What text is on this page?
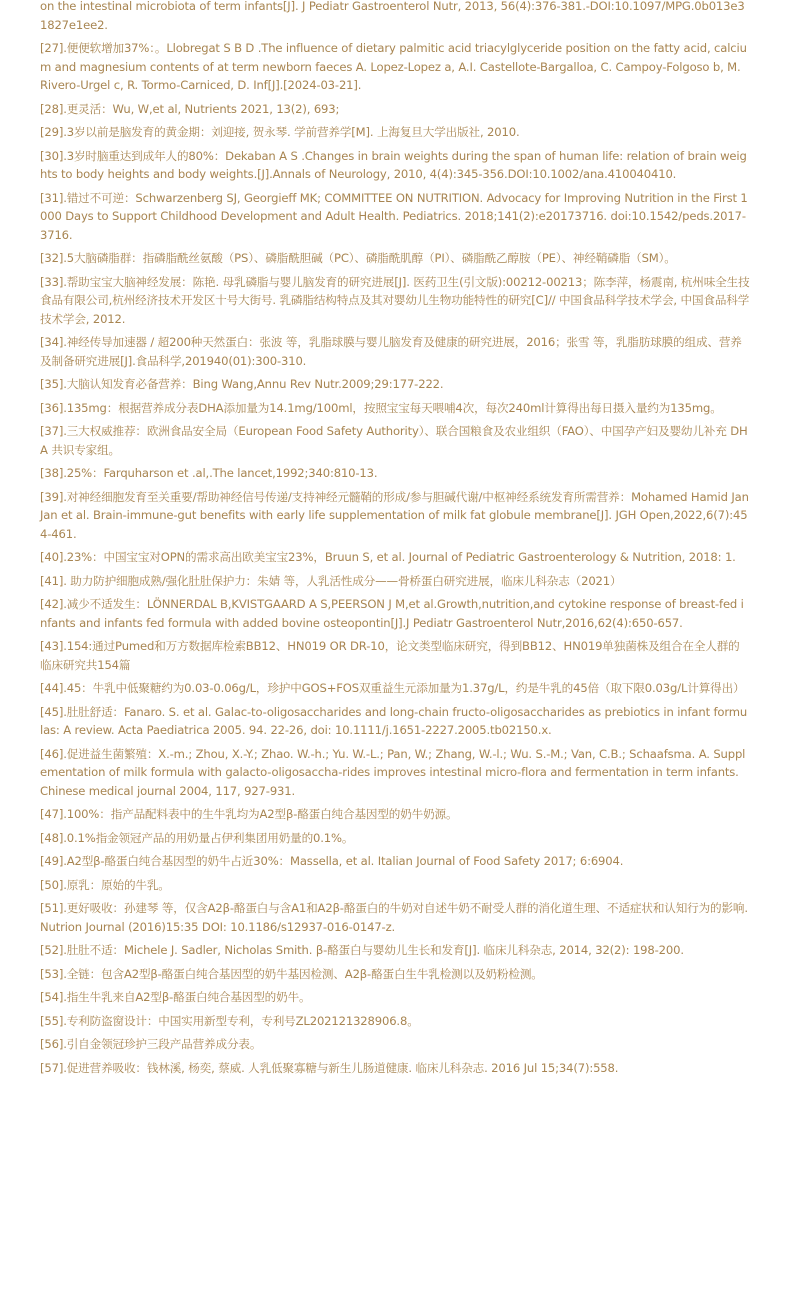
on the intestinal microbiota of term infants[J]. J Pediatr Gastroenterol Nutr, 2013, 56(4):376-381.-DOI:10.1097/MPG.0b013e31827e1ee2.

[27].便便软增加37%：。Llobregat S B D .The influence of dietary palmitic acid triacylglyceride position on the fatty acid, calcium and magnesium contents of at term newborn faeces A. Lopez-Lopez a, A.I. Castellote-Bargalloa, C. Campoy-Folgoso b, M. Rivero-Urgel c, R. Tormo-Carniced, D. Inf[J].[2024-03-21].

[28].更灵活：Wu, W,et al, Nutrients 2021, 13(2), 693;

[29].3岁以前是脑发育的黄金期：刘迎接, 贺永琴. 学前营养学[M]. 上海复旦大学出版社, 2010.

[30].3岁时脑重达到成年人的80%：Dekaban A S .Changes in brain weights during the span of human life: relation of brain weights to body heights and body weights.[J].Annals of Neurology, 2010, 4(4):345-356.DOI:10.1002/ana.410040410.

[31].错过不可逆：Schwarzenberg SJ, Georgieff MK; COMMITTEE ON NUTRITION. Advocacy for Improving Nutrition in the First 1000 Days to Support Childhood Development and Adult Health. Pediatrics. 2018;141(2):e20173716. doi:10.1542/peds.2017-3716.

[32].5大脑磷脂群：指磷脂酰丝氨酸（PS）、磷脂酰胆碱（PC）、磷脂酰肌醇（PI）、磷脂酰乙醇胺（PE）、神经鞘磷脂（SM）。

[33].帮助宝宝大脑神经发展：陈艳. 母乳磷脂与婴儿脑发育的研究进展[J]. 医药卫生(引文版):00212-00213；陈李萍，杨震南, 杭州味全生技食品有限公司,杭州经济技术开发区十号大街号. 乳磷脂结构特点及其对婴幼儿生物功能特性的研究[C]// 中国食品科学技术学会, 中国食品科学技术学会, 2012.

[34].神经传导加速器 / 超200种天然蛋白：张波 等，乳脂球膜与婴儿脑发育及健康的研究进展，2016；张雪 等，乳脂肪球膜的组成、营养及制备研究进展[J].食品科学,201940(01):300-310.

[35].大脑认知发育必备营养：Bing Wang,Annu Rev Nutr.2009;29:177-222.

[36].135mg：根据营养成分表DHA添加量为14.1mg/100ml，按照宝宝每天喂哺4次，每次240ml计算得出每日摄入量约为135mg。

[37].三大权威推荐：欧洲食品安全局（European Food Safety Authority）、联合国粮食及农业组织（FAO）、中国孕产妇及婴幼儿补充 DHA 共识专家组。

[38].25%：Farquharson et .al,.The lancet,1992;340:810-13.

[39].对神经细胞发育至关重要/帮助神经信号传递/支持神经元髓鞘的形成/参与胆碱代谢/中枢神经系统发育所需营养：Mohamed Hamid Jan Jan et al. Brain-immune-gut benefits with early life supplementation of milk fat globule membrane[J]. JGH Open,2022,6(7):454-461.

[40].23%：中国宝宝对OPN的需求高出欧美宝宝23%，Bruun S, et al. Journal of Pediatric Gastroenterology & Nutrition, 2018: 1.

[41]. 助力防护细胞成熟/强化肚肚保护力：朱婧 等，人乳活性成分——骨桥蛋白研究进展，临床儿科杂志（2021）

[42].减少不适发生：LÖNNERDAL B,KVISTGAARD A S,PEERSON J M,et al.Growth,nutrition,and cytokine response of breast-fed infants and infants fed formula with added bovine osteopontin[J].J Pediatr Gastroenterol Nutr,2016,62(4):650-657.

[43].154:通过Pumed和万方数据库检索BB12、HN019 OR DR-10，论文类型临床研究，得到BB12、HN019单独菌株及组合在全人群的临床研究共154篇

[44].45：牛乳中低聚糖约为0.03-0.06g/L，珍护中GOS+FOS双重益生元添加量为1.37g/L，约是牛乳的45倍（取下限0.03g/L计算得出）

[45].肚肚舒适：Fanaro. S. et al. Galac-to-oligosaccharides and long-chain fructo-oligosaccharides as prebiotics in infant formulas: A review. Acta Paediatrica 2005. 94. 22-26, doi: 10.1111/j.1651-2227.2005.tb02150.x.

[46].促进益生菌繁殖：X.-m.; Zhou, X.-Y.; Zhao. W.-h.; Yu. W.-L.; Pan, W.; Zhang, W.-l.; Wu. S.-M.; Van, C.B.; Schaafsma. A. Supplementation of milk formula with galacto-oligosaccha-rides improves intestinal micro-flora and fermentation in term infants. Chinese medical journal 2004, 117, 927-931.

[47].100%：指产品配料表中的生牛乳均为A2型β-酪蛋白纯合基因型的奶牛奶源。

[48].0.1%指金领冠产品的用奶量占伊利集团用奶量的0.1%。

[49].A2型β-酪蛋白纯合基因型的奶牛占近30%：Massella, et al. Italian Journal of Food Safety 2017; 6:6904.

[50].原乳：原始的牛乳。

[51].更好吸收：孙建琴 等，仅含A2β-酪蛋白与含A1和A2β-酪蛋白的牛奶对自述牛奶不耐受人群的消化道生理、不适症状和认知行为的影响. Nutrion Journal (2016)15:35 DOI: 10.1186/s12937-016-0147-z.

[52].肚肚不适：Michele J. Sadler, Nicholas Smith. β-酪蛋白与婴幼儿生长和发育[J]. 临床儿科杂志, 2014, 32(2): 198-200.

[53].全链：包含A2型β-酪蛋白纯合基因型的奶牛基因检测、A2β-酪蛋白生牛乳检测以及奶粉检测。

[54].指生牛乳来自A2型β-酪蛋白纯合基因型的奶牛。

[55].专利防盗窗设计：中国实用新型专利，专利号ZL202121328906.8。

[56].引自金领冠珍护三段产品营养成分表。

[57].促进营养吸收：钱林溪, 杨奕, 蔡威. 人乳低聚寡糖与新生儿肠道健康. 临床儿科杂志. 2016 Jul 15;34(7):558.
